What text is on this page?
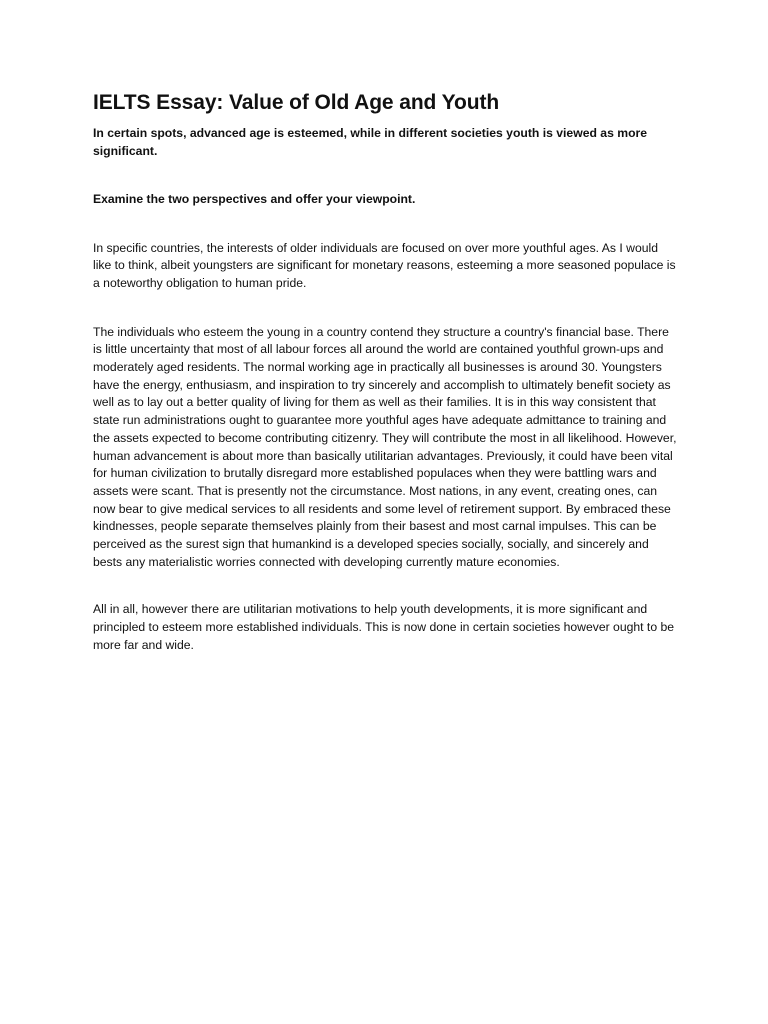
IELTS Essay: Value of Old Age and Youth

In certain spots, advanced age is esteemed, while in different societies youth is viewed as more significant.

Examine the two perspectives and offer your viewpoint.

In specific countries, the interests of older individuals are focused on over more youthful ages. As I would like to think, albeit youngsters are significant for monetary reasons, esteeming a more seasoned populace is a noteworthy obligation to human pride.

The individuals who esteem the young in a country contend they structure a country's financial base. There is little uncertainty that most of all labour forces all around the world are contained youthful grown-ups and moderately aged residents. The normal working age in practically all businesses is around 30. Youngsters have the energy, enthusiasm, and inspiration to try sincerely and accomplish to ultimately benefit society as well as to lay out a better quality of living for them as well as their families. It is in this way consistent that state run administrations ought to guarantee more youthful ages have adequate admittance to training and the assets expected to become contributing citizenry. They will contribute the most in all likelihood. However, human advancement is about more than basically utilitarian advantages. Previously, it could have been vital for human civilization to brutally disregard more established populaces when they were battling wars and assets were scant. That is presently not the circumstance. Most nations, in any event, creating ones, can now bear to give medical services to all residents and some level of retirement support. By embraced these kindnesses, people separate themselves plainly from their basest and most carnal impulses. This can be perceived as the surest sign that humankind is a developed species socially, socially, and sincerely and bests any materialistic worries connected with developing currently mature economies.

All in all, however there are utilitarian motivations to help youth developments, it is more significant and principled to esteem more established individuals. This is now done in certain societies however ought to be more far and wide.
